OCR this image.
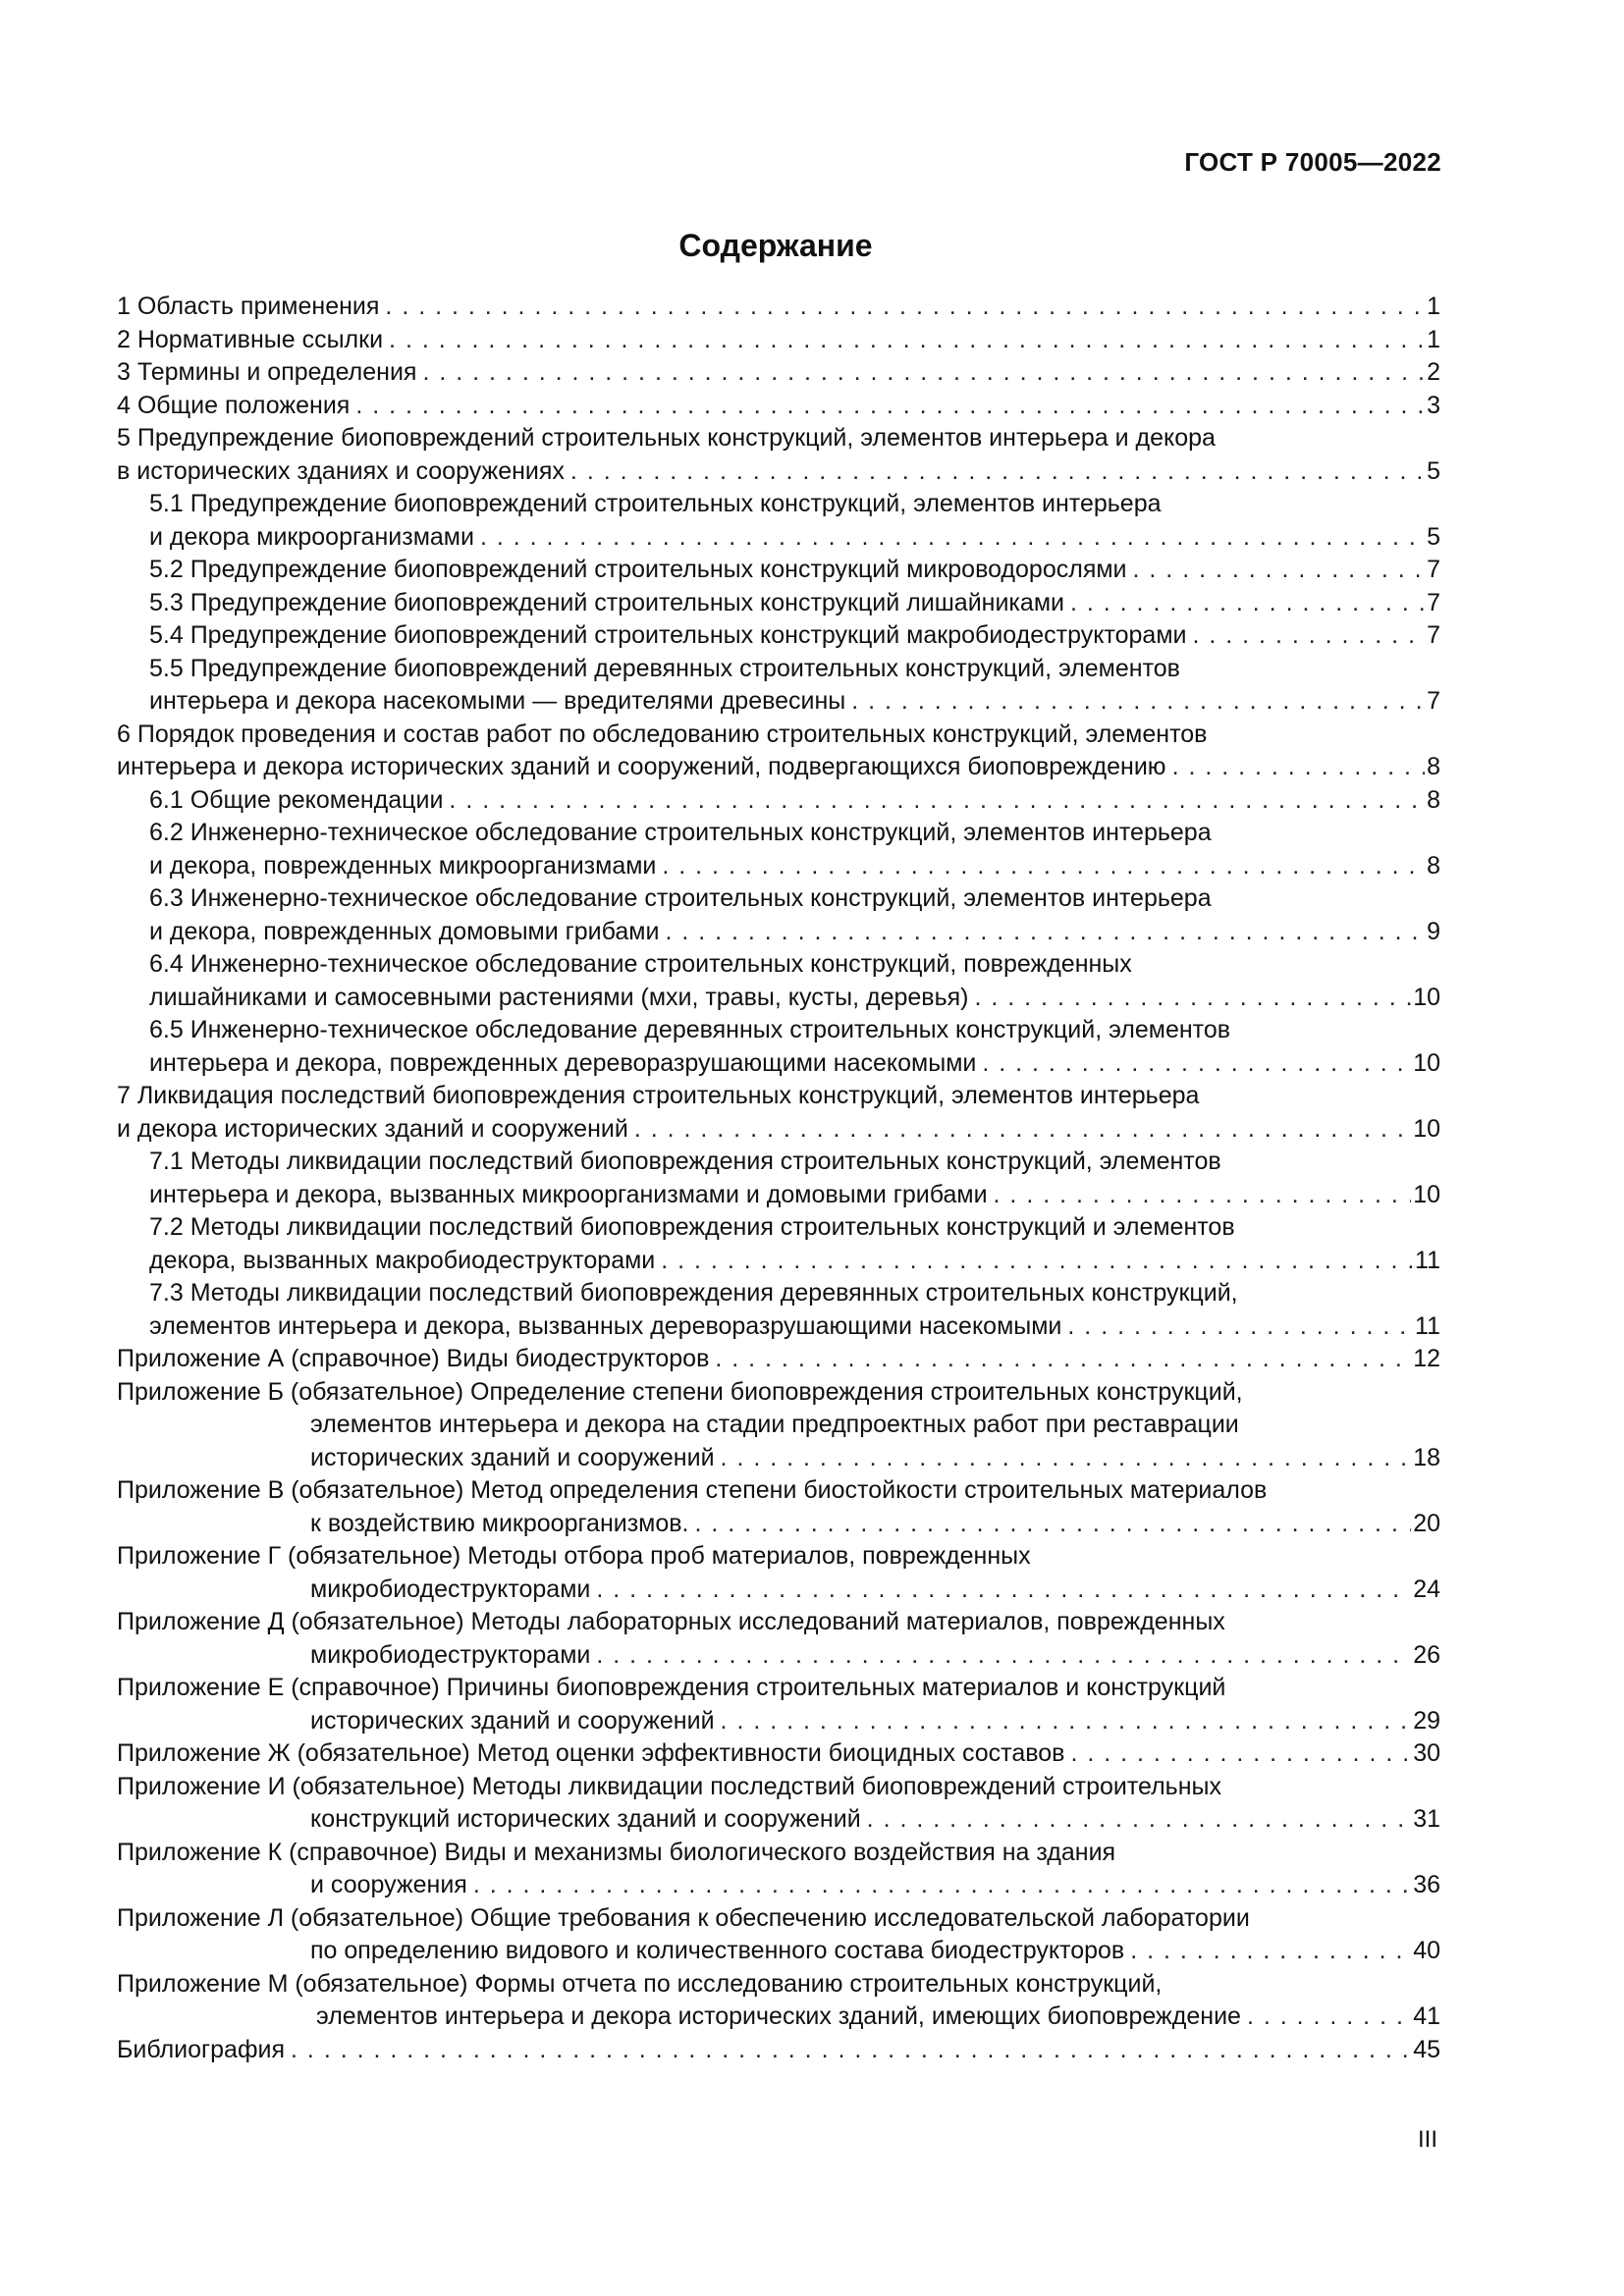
ГОСТ Р 70005—2022
Содержание
1 Область применения . . .	1
2 Нормативные ссылки . . .	1
3 Термины и определения . . .	2
4 Общие положения . . .	3
5 Предупреждение биоповреждений строительных конструкций, элементов интерьера и декора
в исторических зданиях и сооружениях . . .	5
5.1 Предупреждение биоповреждений строительных конструкций, элементов интерьера
и декора микроорганизмами . . .	5
5.2 Предупреждение биоповреждений строительных конструкций микроводорослями . . .	7
5.3 Предупреждение биоповреждений строительных конструкций лишайниками . . .	7
5.4 Предупреждение биоповреждений строительных конструкций макробиодеструкторами . . .	7
5.5 Предупреждение биоповреждений деревянных строительных конструкций, элементов
интерьера и декора насекомыми — вредителями древесины . . .	7
6 Порядок проведения и состав работ по обследованию строительных конструкций, элементов
интерьера и декора исторических зданий и сооружений, подвергающихся биоповреждению . . .	8
6.1 Общие рекомендации . . .	8
6.2 Инженерно-техническое обследование строительных конструкций, элементов интерьера
и декора, поврежденных микроорганизмами . . .	8
6.3 Инженерно-техническое обследование строительных конструкций, элементов интерьера
и декора, поврежденных домовыми грибами . . .	9
6.4 Инженерно-техническое обследование строительных конструкций, поврежденных
лишайниками и самосевными растениями (мхи, травы, кусты, деревья) . . .	10
6.5 Инженерно-техническое обследование деревянных строительных конструкций, элементов
интерьера и декора, поврежденных дереворазрушающими насекомыми . . .	10
7 Ликвидация последствий биоповреждения строительных конструкций, элементов интерьера
и декора исторических зданий и сооружений . . .	10
7.1 Методы ликвидации последствий биоповреждения строительных конструкций, элементов
интерьера и декора, вызванных микроорганизмами и домовыми грибами . . .	10
7.2 Методы ликвидации последствий биоповреждения строительных конструкций и элементов
декора, вызванных макробиодеструкторами . . .	11
7.3 Методы ликвидации последствий биоповреждения деревянных строительных конструкций,
элементов интерьера и декора, вызванных дереворазрушающими насекомыми . . .	11
Приложение А (справочное) Виды биодеструкторов . . .	12
Приложение Б (обязательное) Определение степени биоповреждения строительных конструкций,
элементов интерьера и декора на стадии предпроектных работ при реставрации
исторических зданий и сооружений . . .	18
Приложение В (обязательное) Метод определения степени биостойкости строительных материалов
к воздействию микроорганизмов. . . .	20
Приложение Г (обязательное) Методы отбора проб материалов, поврежденных
микробиодеструкторами . . .	24
Приложение Д (обязательное) Методы лабораторных исследований материалов, поврежденных
микробиодеструкторами . . .	26
Приложение Е (справочное) Причины биоповреждения строительных материалов и конструкций
исторических зданий и сооружений . . .	29
Приложение Ж (обязательное) Метод оценки эффективности биоцидных составов . . .	30
Приложение И (обязательное) Методы ликвидации последствий биоповреждений строительных
конструкций исторических зданий и сооружений . . .	31
Приложение К (справочное) Виды и механизмы биологического воздействия на здания
и сооружения . . .	36
Приложение Л (обязательное) Общие требования к обеспечению исследовательской лаборатории
по определению видового и количественного состава биодеструкторов . . .	40
Приложение М (обязательное) Формы отчета по исследованию строительных конструкций,
элементов интерьера и декора исторических зданий, имеющих биоповреждение . . .	41
Библиография . . .	45
III
